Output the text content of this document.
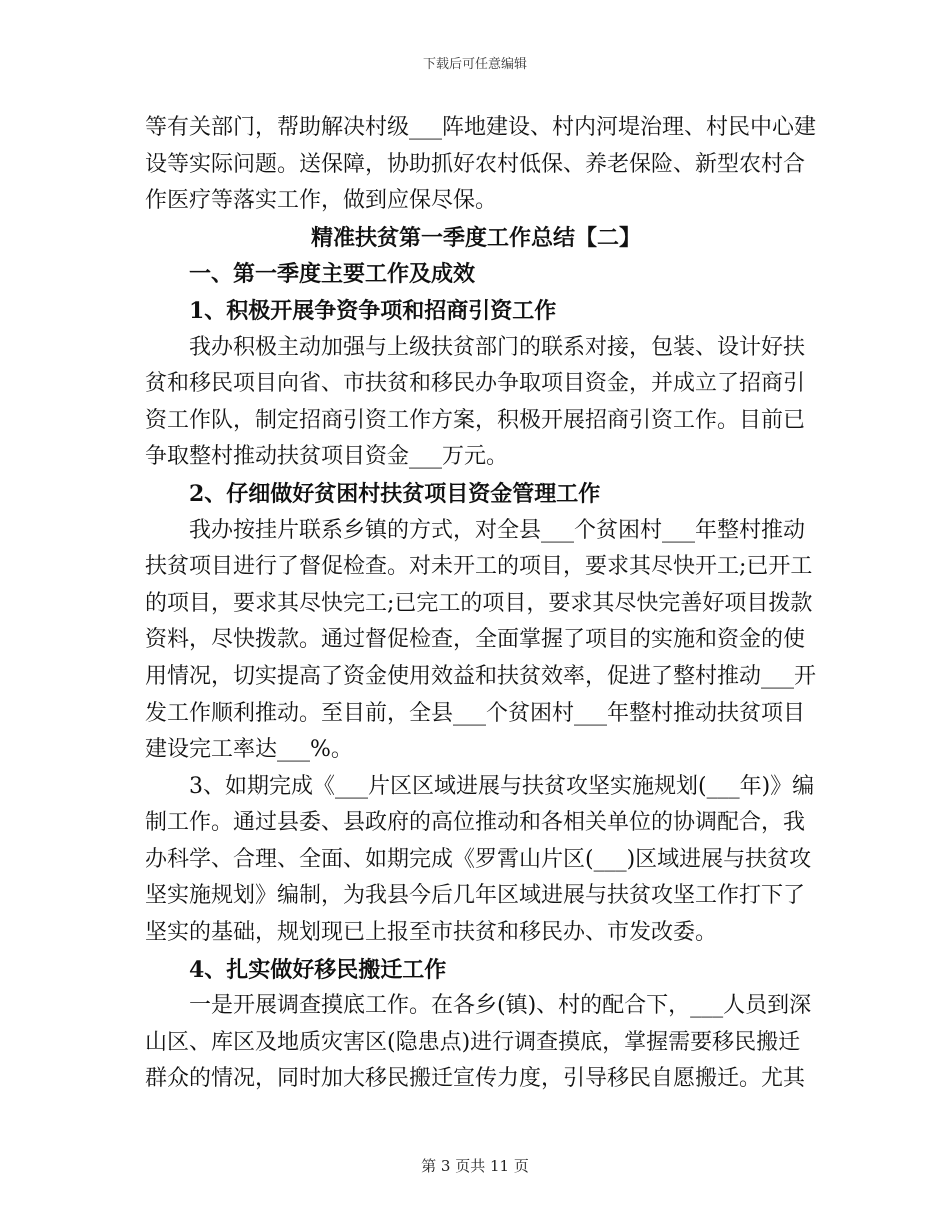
下载后可任意编辑
等有关部门，帮助解决村级___阵地建设、村内河堤治理、村民中心建
设等实际问题。送保障，协助抓好农村低保、养老保险、新型农村合
作医疗等落实工作，做到应保尽保。
精准扶贫第一季度工作总结【二】
一、第一季度主要工作及成效
1、积极开展争资争项和招商引资工作
　　我办积极主动加强与上级扶贫部门的联系对接，包装、设计好扶
贫和移民项目向省、市扶贫和移民办争取项目资金，并成立了招商引
资工作队，制定招商引资工作方案，积极开展招商引资工作。目前已
争取整村推动扶贫项目资金___万元。
2、仔细做好贫困村扶贫项目资金管理工作
　　我办按挂片联系乡镇的方式，对全县___个贫困村___年整村推动
扶贫项目进行了督促检查。对未开工的项目，要求其尽快开工;已开工
的项目，要求其尽快完工;已完工的项目，要求其尽快完善好项目拨款
资料，尽快拨款。通过督促检查，全面掌握了项目的实施和资金的使
用情况，切实提高了资金使用效益和扶贫效率，促进了整村推动___开
发工作顺利推动。至目前，全县___个贫困村___年整村推动扶贫项目
建设完工率达___%。
　　3、如期完成《___片区区域进展与扶贫攻坚实施规划(___年)》编
制工作。通过县委、县政府的高位推动和各相关单位的协调配合，我
办科学、合理、全面、如期完成《罗霄山片区(___)区域进展与扶贫攻
坚实施规划》编制，为我县今后几年区域进展与扶贫攻坚工作打下了
坚实的基础，规划现已上报至市扶贫和移民办、市发改委。
4、扎实做好移民搬迁工作
　　一是开展调查摸底工作。在各乡(镇)、村的配合下，___人员到深
山区、库区及地质灾害区(隐患点)进行调查摸底，掌握需要移民搬迁
群众的情况，同时加大移民搬迁宣传力度，引导移民自愿搬迁。尤其
第 3 页共 11 页
